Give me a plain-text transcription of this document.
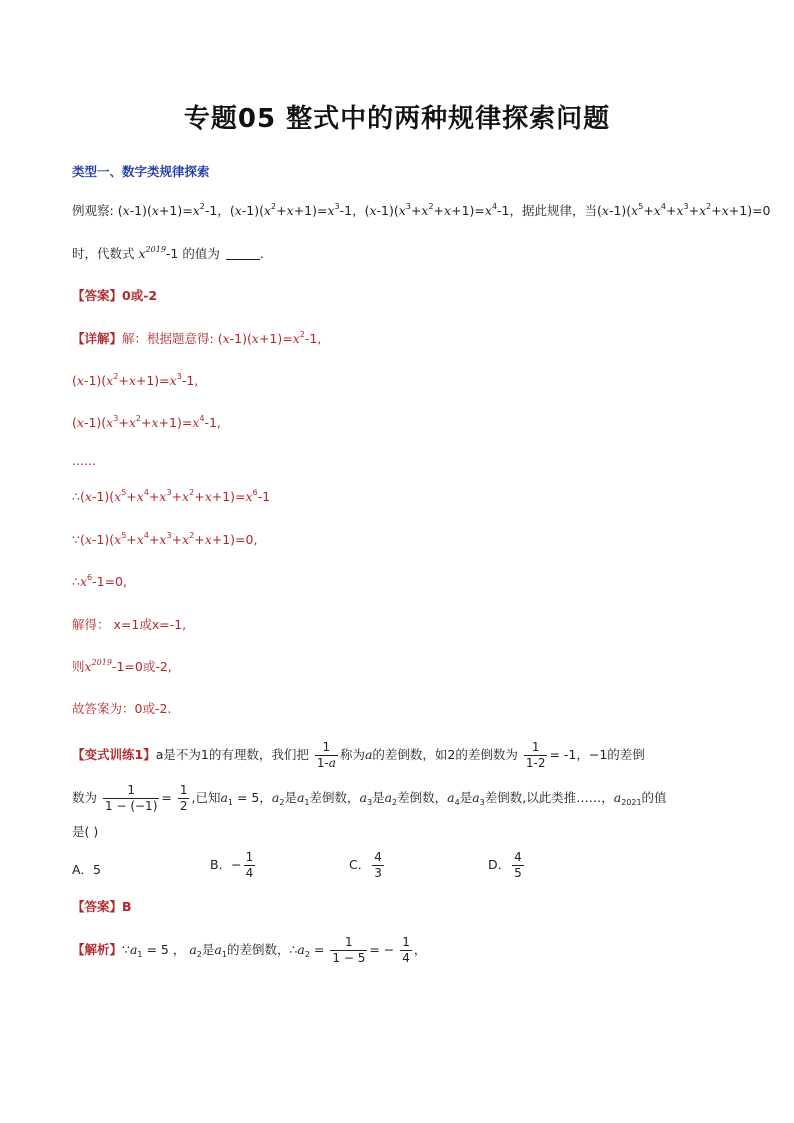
专题05 整式中的两种规律探索问题
类型一、数字类规律探索
例观察: $(x-1)(x+1)=x^2-1$，$(x-1)(x^2+x+1)=x^3-1$，$(x-1)(x^3+x^2+x+1)=x^4-1$，据此规律，当$(x-1)(x^5+x^4+x^3+x^2+x+1)=0$
时，代数式 $x^{2019}-1$ 的值为	.
【答案】0或-2
【详解】解：根据题意得: $(x-1)(x+1)=x^2-1$,
$(x-1)(x^2+x+1)=x^3-1$,
$(x-1)(x^3+x^2+x+1)=x^4-1$,
......
$\therefore(x-1)(x^5+x^4+x^3+x^2+x+1)=x^6-1$
$\because(x-1)(x^5+x^4+x^3+x^2+x+1)=0$,
$\therefore x^6-1=0$,
解得： x=1或x=-1,
则$x^{2019}-1=0$或-2,
故答案为：0或-2.
【变式训练1】a是不为1的有理数，我们把 $\frac{1}{1-a}$ 称为a的差倒数，如2的差倒数为 $\frac{1}{1-2} = -1$，−1的差倒
数为 $\frac{1}{1 - (-1)} = \frac{1}{2}$ ,已知$a_1 = 5$，$a_2$是$a_1$差倒数，$a_3$是$a_2$差倒数，$a_4$是$a_3$差倒数,以此类推……，$a_{2021}$的值
是( )
A．5	B．− $\frac{1}{4}$	C． $\frac{4}{3}$	D． $\frac{4}{5}$
【答案】B
【解析】$\because a_1 = 5$ ， $a_2$是$a_1$的差倒数，$\therefore a_2 = \frac{1}{1 - 5}$ = − $\frac{1}{4}$ ，
